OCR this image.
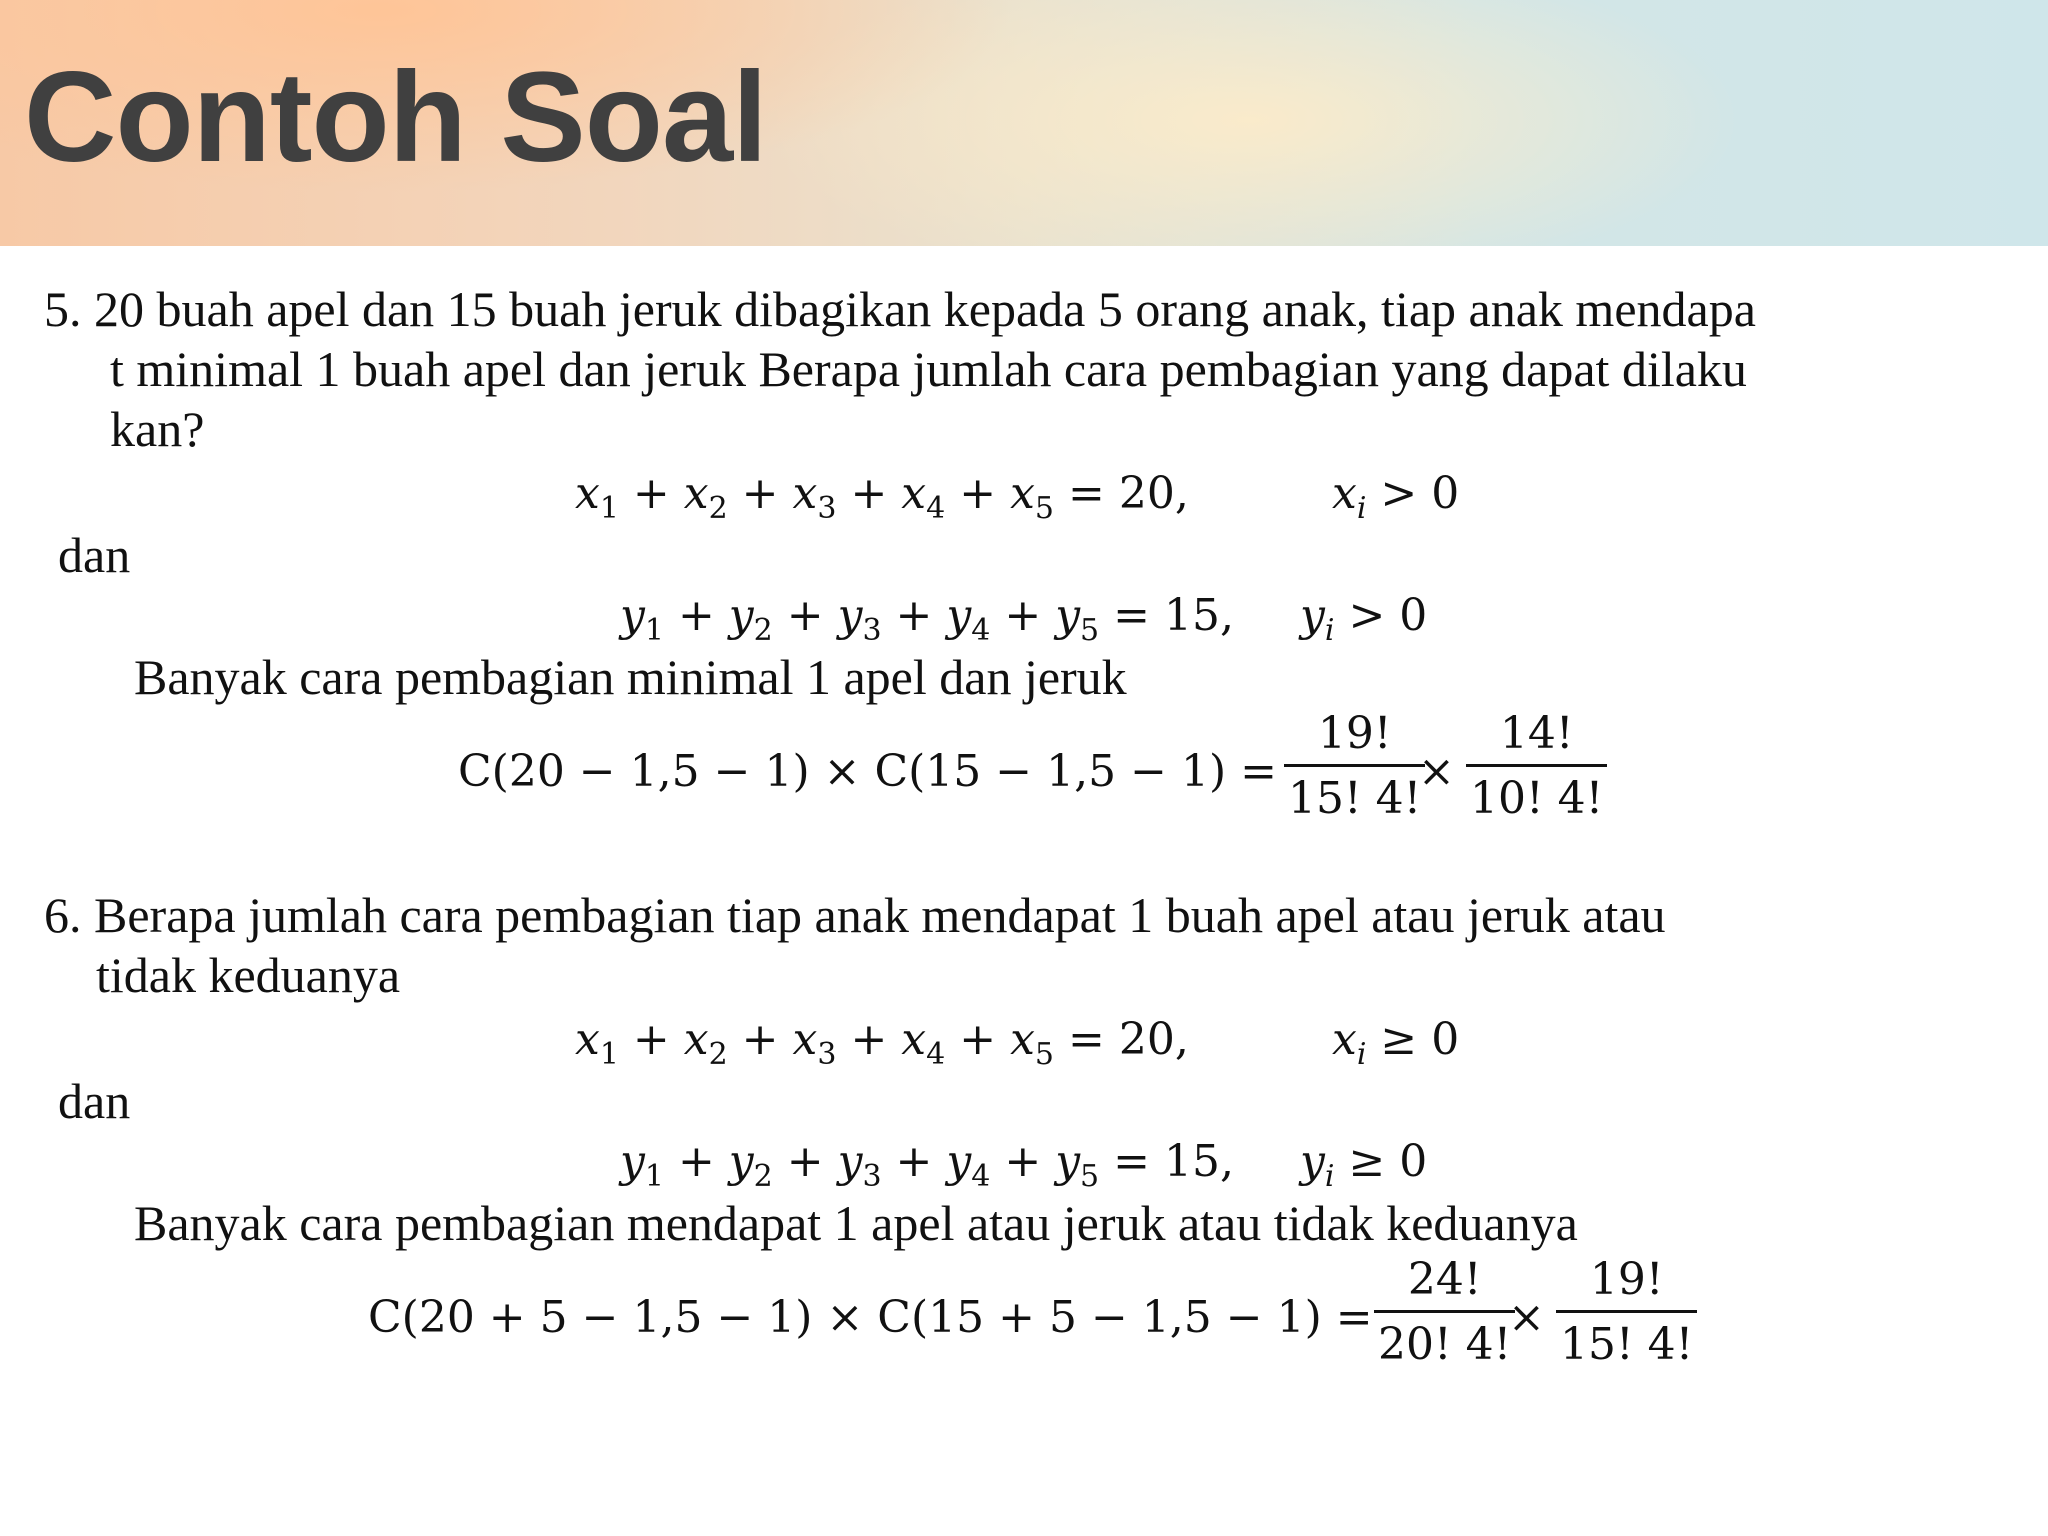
Contoh Soal
5. 20 buah apel dan 15 buah jeruk dibagikan kepada 5 orang anak, tiap anak mendapa
t minimal 1 buah apel dan jeruk Berapa jumlah cara pembagian yang dapat dilaku
kan?
$x_1 + x_2 + x_3 + x_4 + x_5 = 20$,	$x_i > 0$
dan
$y_1 + y_2 + y_3 + y_4 + y_5 = 15$, $y_i > 0$
Banyak cara pembagian minimal 1 apel dan jeruk
$C(20 - 1,5 - 1) \times C(15 - 1,5 - 1) = \frac{19!}{15! 4!}$
× $\frac{14!}{10! 4!}$
6. Berapa jumlah cara pembagian tiap anak mendapat 1 buah apel atau jeruk atau
tidak keduanya
$x_1 + x_2 + x_3 + x_4 + x_5 = 20$,	$x_i \ge 0$
dan
$y_1 + y_2 + y_3 + y_4 + y_5 = 15$, $y_i \ge 0$
Banyak cara pembagian mendapat 1 apel atau jeruk atau tidak keduanya
$C(20 + 5 - 1,5 - 1) \times C(15 + 5 - 1,5 - 1) = \frac{24!}{20! 4!}$
× $\frac{19!}{15! 4!}$
